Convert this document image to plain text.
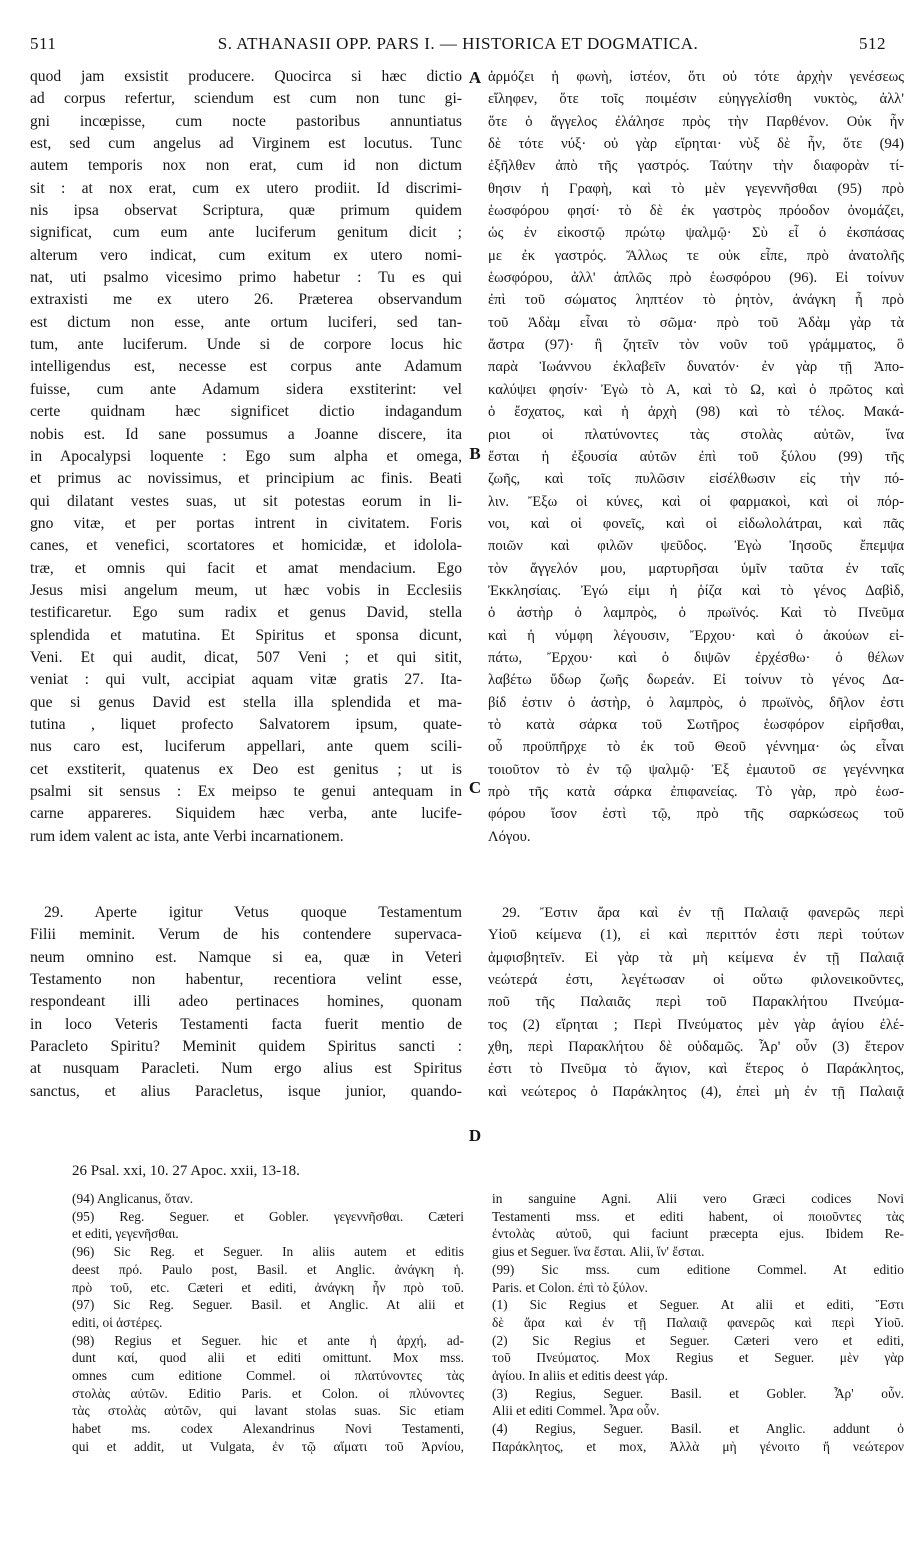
511	S. ATHANASII OPP. PARS I. — HISTORICA ET DOGMATICA.	512
quod jam exsistit producere. Quocirca si hæc dictio
ad corpus refertur, sciendum est cum non tunc gi-
gni incœpisse, cum nocte pastoribus annuntiatus
est, sed cum angelus ad Virginem est locutus. Tunc
autem temporis nox non erat, cum id non dictum
sit : at nox erat, cum ex utero prodiit. Id discrimi-
nis ipsa observat Scriptura, quæ primum quidem
significat, cum eum ante luciferum genitum dicit ;
alterum vero indicat, cum exitum ex utero nomi-
nat, uti psalmo vicesimo primo habetur : Tu es qui
extraxisti me ex utero 26. Præterea observandum
est dictum non esse, ante ortum luciferi, sed tan-
tum, ante luciferum. Unde si de corpore locus hic
intelligendus est, necesse est corpus ante Adamum
fuisse, cum ante Adamum sidera exstiterint: vel
certe quidnam hæc significet dictio indagandum
nobis est. Id sane possumus a Joanne discere, ita
in Apocalypsi loquente : Ego sum alpha et omega,
et primus ac novissimus, et principium ac finis. Beati
qui dilatant vestes suas, ut sit potestas eorum in li-
gno vitæ, et per portas intrent in civitatem. Foris
canes, et venefici, scortatores et homicidæ, et idolola-
træ, et omnis qui facit et amat mendacium. Ego
Jesus misi angelum meum, ut hæc vobis in Ecclesiis
testificaretur. Ego sum radix et genus David, stella
splendida et matutina. Et Spiritus et sponsa dicunt,
Veni. Et qui audit, dicat, 507 Veni ; et qui sitit,
veniat : qui vult, accipiat aquam vitæ gratis 27. Ita-
que si genus David est stella illa splendida et ma-
tutina , liquet profecto Salvatorem ipsum, quate-
nus caro est, luciferum appellari, ante quem scili-
cet exstiterit, quatenus ex Deo est genitus ; ut is
psalmi sit sensus : Ex meipso te genui antequam in
carne appareres. Siquidem hæc verba, ante lucife-
rum idem valent ac ista, ante Verbi incarnationem.
ἁρμόζει ἡ φωνὴ, ἰστέον, ὅτι οὐ τότε ἀρχὴν γενέσεως
εἴληφεν, ὅτε τοῖς ποιμέσιν εὐηγγελίσθη νυκτὸς, ἀλλ'
ὅτε ὁ ἄγγελος ἐλάλησε πρὸς τὴν Παρθένον. Οὐκ ἦν
δὲ τότε νύξ· οὐ γὰρ εἴρηται· νὺξ δὲ ἦν, ὅτε (94)
ἐξῆλθεν ἀπὸ τῆς γαστρός. Ταύτην τὴν διαφορὰν τί-
θησιν ἡ Γραφὴ, καὶ τὸ μὲν γεγεννῆσθαι (95) πρὸ
ἑωσφόρου φησί· τὸ δὲ ἐκ γαστρὸς πρόοδον ὀνομάζει,
ὡς ἐν εἰκοστῷ πρώτῳ ψαλμῷ· Σὺ εἶ ὁ ἐκσπάσας
με ἐκ γαστρός. Ἄλλως τε οὐκ εἶπε, πρὸ ἀνατολῆς
ἑωσφόρου, ἀλλ' ἁπλῶς πρὸ ἑωσφόρου (96). Εἰ τοίνυν
ἐπὶ τοῦ σώματος ληπτέον τὸ ῥητὸν, ἀνάγκη ἦ πρὸ
τοῦ Ἀδὰμ εἶναι τὸ σῶμα· πρὸ τοῦ Ἀδὰμ γὰρ τὰ
ἄστρα (97)· ἢ ζητεῖν τὸν νοῦν τοῦ γράμματος, ὃ
παρὰ Ἰωάννου ἐκλαβεῖν δυνατόν· ἐν γὰρ τῇ Ἀπο-
καλύψει φησίν· Ἐγὼ τὸ Α, καὶ τὸ Ω, καὶ ὁ πρῶτος καὶ
ὁ ἔσχατος, καὶ ἡ ἀρχὴ (98) καὶ τὸ τέλος. Μακά-
ριοι οἱ πλατύνοντες τὰς στολὰς αὐτῶν, ἵνα
ἔσται ἡ ἐξουσία αὐτῶν ἐπὶ τοῦ ξύλου (99) τῆς
ζωῆς, καὶ τοῖς πυλῶσιν εἰσέλθωσιν εἰς τὴν πό-
λιν. Ἔξω οἱ κύνες, καὶ οἱ φαρμακοὶ, καὶ οἱ πόρ-
νοι, καὶ οἱ φονεῖς, καὶ οἱ εἰδωλολάτραι, καὶ πᾶς
ποιῶν καὶ φιλῶν ψεῦδος. Ἐγὼ Ἰησοῦς ἔπεμψα
τὸν ἄγγελόν μου, μαρτυρῆσαι ὑμῖν ταῦτα ἐν ταῖς
Ἐκκλησίαις. Ἐγώ εἰμι ἡ ῥίζα καὶ τὸ γένος Δαβὶδ,
ὁ ἀστὴρ ὁ λαμπρὸς, ὁ πρωϊνός. Καὶ τὸ Πνεῦμα
καὶ ἡ νύμφη λέγουσιν, Ἔρχου· καὶ ὁ ἀκούων εἰ-
πάτω, Ἔρχου· καὶ ὁ διψῶν ἐρχέσθω· ὁ θέλων
λαβέτω ὕδωρ ζωῆς δωρεάν. Εἰ τοίνυν τὸ γένος Δα-
βίδ ἐστιν ὁ ἀστὴρ, ὁ λαμπρὸς, ὁ πρωϊνὸς, δῆλον ἐστι
τὸ κατὰ σάρκα τοῦ Σωτῆρος ἑωσφόρον εἰρῆσθαι,
οὗ προϋπῆρχε τὸ ἐκ τοῦ Θεοῦ γέννημα· ὡς εἶναι
τοιοῦτον τὸ ἐν τῷ ψαλμῷ· Ἐξ ἐμαυτοῦ σε γεγέννηκα
πρὸ τῆς κατὰ σάρκα ἐπιφανείας. Τὸ γὰρ, πρὸ ἑωσ-
φόρου ἴσον ἐστὶ τῷ, πρὸ τῆς σαρκώσεως τοῦ
Λόγου.
A
B
C
D
29. Aperte igitur Vetus quoque Testamentum
Filii meminit. Verum de his contendere supervaca-
neum omnino est. Namque si ea, quæ in Veteri
Testamento non habentur, recentiora velint esse,
respondeant illi adeo pertinaces homines, quonam
in loco Veteris Testamenti facta fuerit mentio de
Paracleto Spiritu? Meminit quidem Spiritus sancti :
at nusquam Paracleti. Num ergo alius est Spiritus
sanctus, et alius Paracletus, isque junior, quando-
29. Ἔστιν ἄρα καὶ ἐν τῇ Παλαιᾷ φανερῶς περὶ
Υἱοῦ κείμενα (1), εἰ καὶ περιττόν ἐστι περὶ τούτων
ἀμφισβητεῖν. Εἰ γὰρ τὰ μὴ κείμενα ἐν τῇ Παλαιᾷ
νεώτερά ἐστι, λεγέτωσαν οἱ οὕτω φιλονεικοῦντες,
ποῦ τῆς Παλαιᾶς περὶ τοῦ Παρακλήτου Πνεύμα-
τος (2) εἴρηται ; Περὶ Πνεύματος μὲν γὰρ ἁγίου ἐλέ-
χθη, περὶ Παρακλήτου δὲ οὐδαμῶς. Ἆρ' οὖν (3) ἕτερον
ἐστι τὸ Πνεῦμα τὸ ἅγιον, καὶ ἕτερος ὁ Παράκλητος,
καὶ νεώτερος ὁ Παράκλητος (4), ἐπεὶ μὴ ἐν τῇ Παλαιᾷ
26 Psal. xxi, 10. 27 Apoc. xxii, 13-18.
(94) Anglicanus, ὅταν.
(95) Reg. Seguer. et Gobler. γεγεννῆσθαι. Cæteri
et editi, γεγενῆσθαι.
(96) Sic Reg. et Seguer. In aliis autem et editis
deest πρό. Paulo post, Basil. et Anglic. ἀνάγκη ἡ.
πρὸ τοῦ, etc. Cæteri et editi, ἀνάγκη ἦν πρὸ τοῦ.
(97) Sic Reg. Seguer. Basil. et Anglic. At alii et
editi, οἱ ἀστέρες.
(98) Regius et Seguer. hic et ante ἡ ἀρχή, ad-
dunt καί, quod alii et editi omittunt. Mox mss.
omnes cum editione Commel. οἱ πλατύνοντες τὰς
στολὰς αὐτῶν. Editio Paris. et Colon. οἱ πλύνοντες
τὰς στολὰς αὐτῶν, qui lavant stolas suas. Sic etiam
habet ms. codex Alexandrinus Novi Testamenti,
qui et addit, ut Vulgata, ἐν τῷ αἵματι τοῦ Ἀρνίου,
in sanguine Agni. Alii vero Græci codices Novi
Testamenti mss. et editi habent, οἱ ποιοῦντες τὰς
ἐντολὰς αὐτοῦ, qui faciunt præcepta ejus. Ibidem Re-
gius et Seguer. ἵνα ἔσται. Alii, ἵν' ἔσται.
(99) Sic mss. cum editione Commel. At editio
Paris. et Colon. ἐπὶ τὸ ξύλον.
(1) Sic Regius et Seguer. At alii et editi, Ἔστι
δὲ ἄρα καὶ ἐν τῇ Παλαιᾷ φανερῶς καὶ περὶ Υἱοῦ.
(2) Sic Regius et Seguer. Cæteri vero et editi,
τοῦ Πνεύματος. Mox Regius et Seguer. μὲν γὰρ
ἁγίου. In aliis et editis deest γάρ.
(3) Regius, Seguer. Basil. et Gobler. Ἆρ' οὖν.
Alii et editi Commel. Ἆρα οὖν.
(4) Regius, Seguer. Basil. et Anglic. addunt ὁ
Παράκλητος, et mox, Ἀλλὰ μὴ γένοιτο ἤ νεώτερον
